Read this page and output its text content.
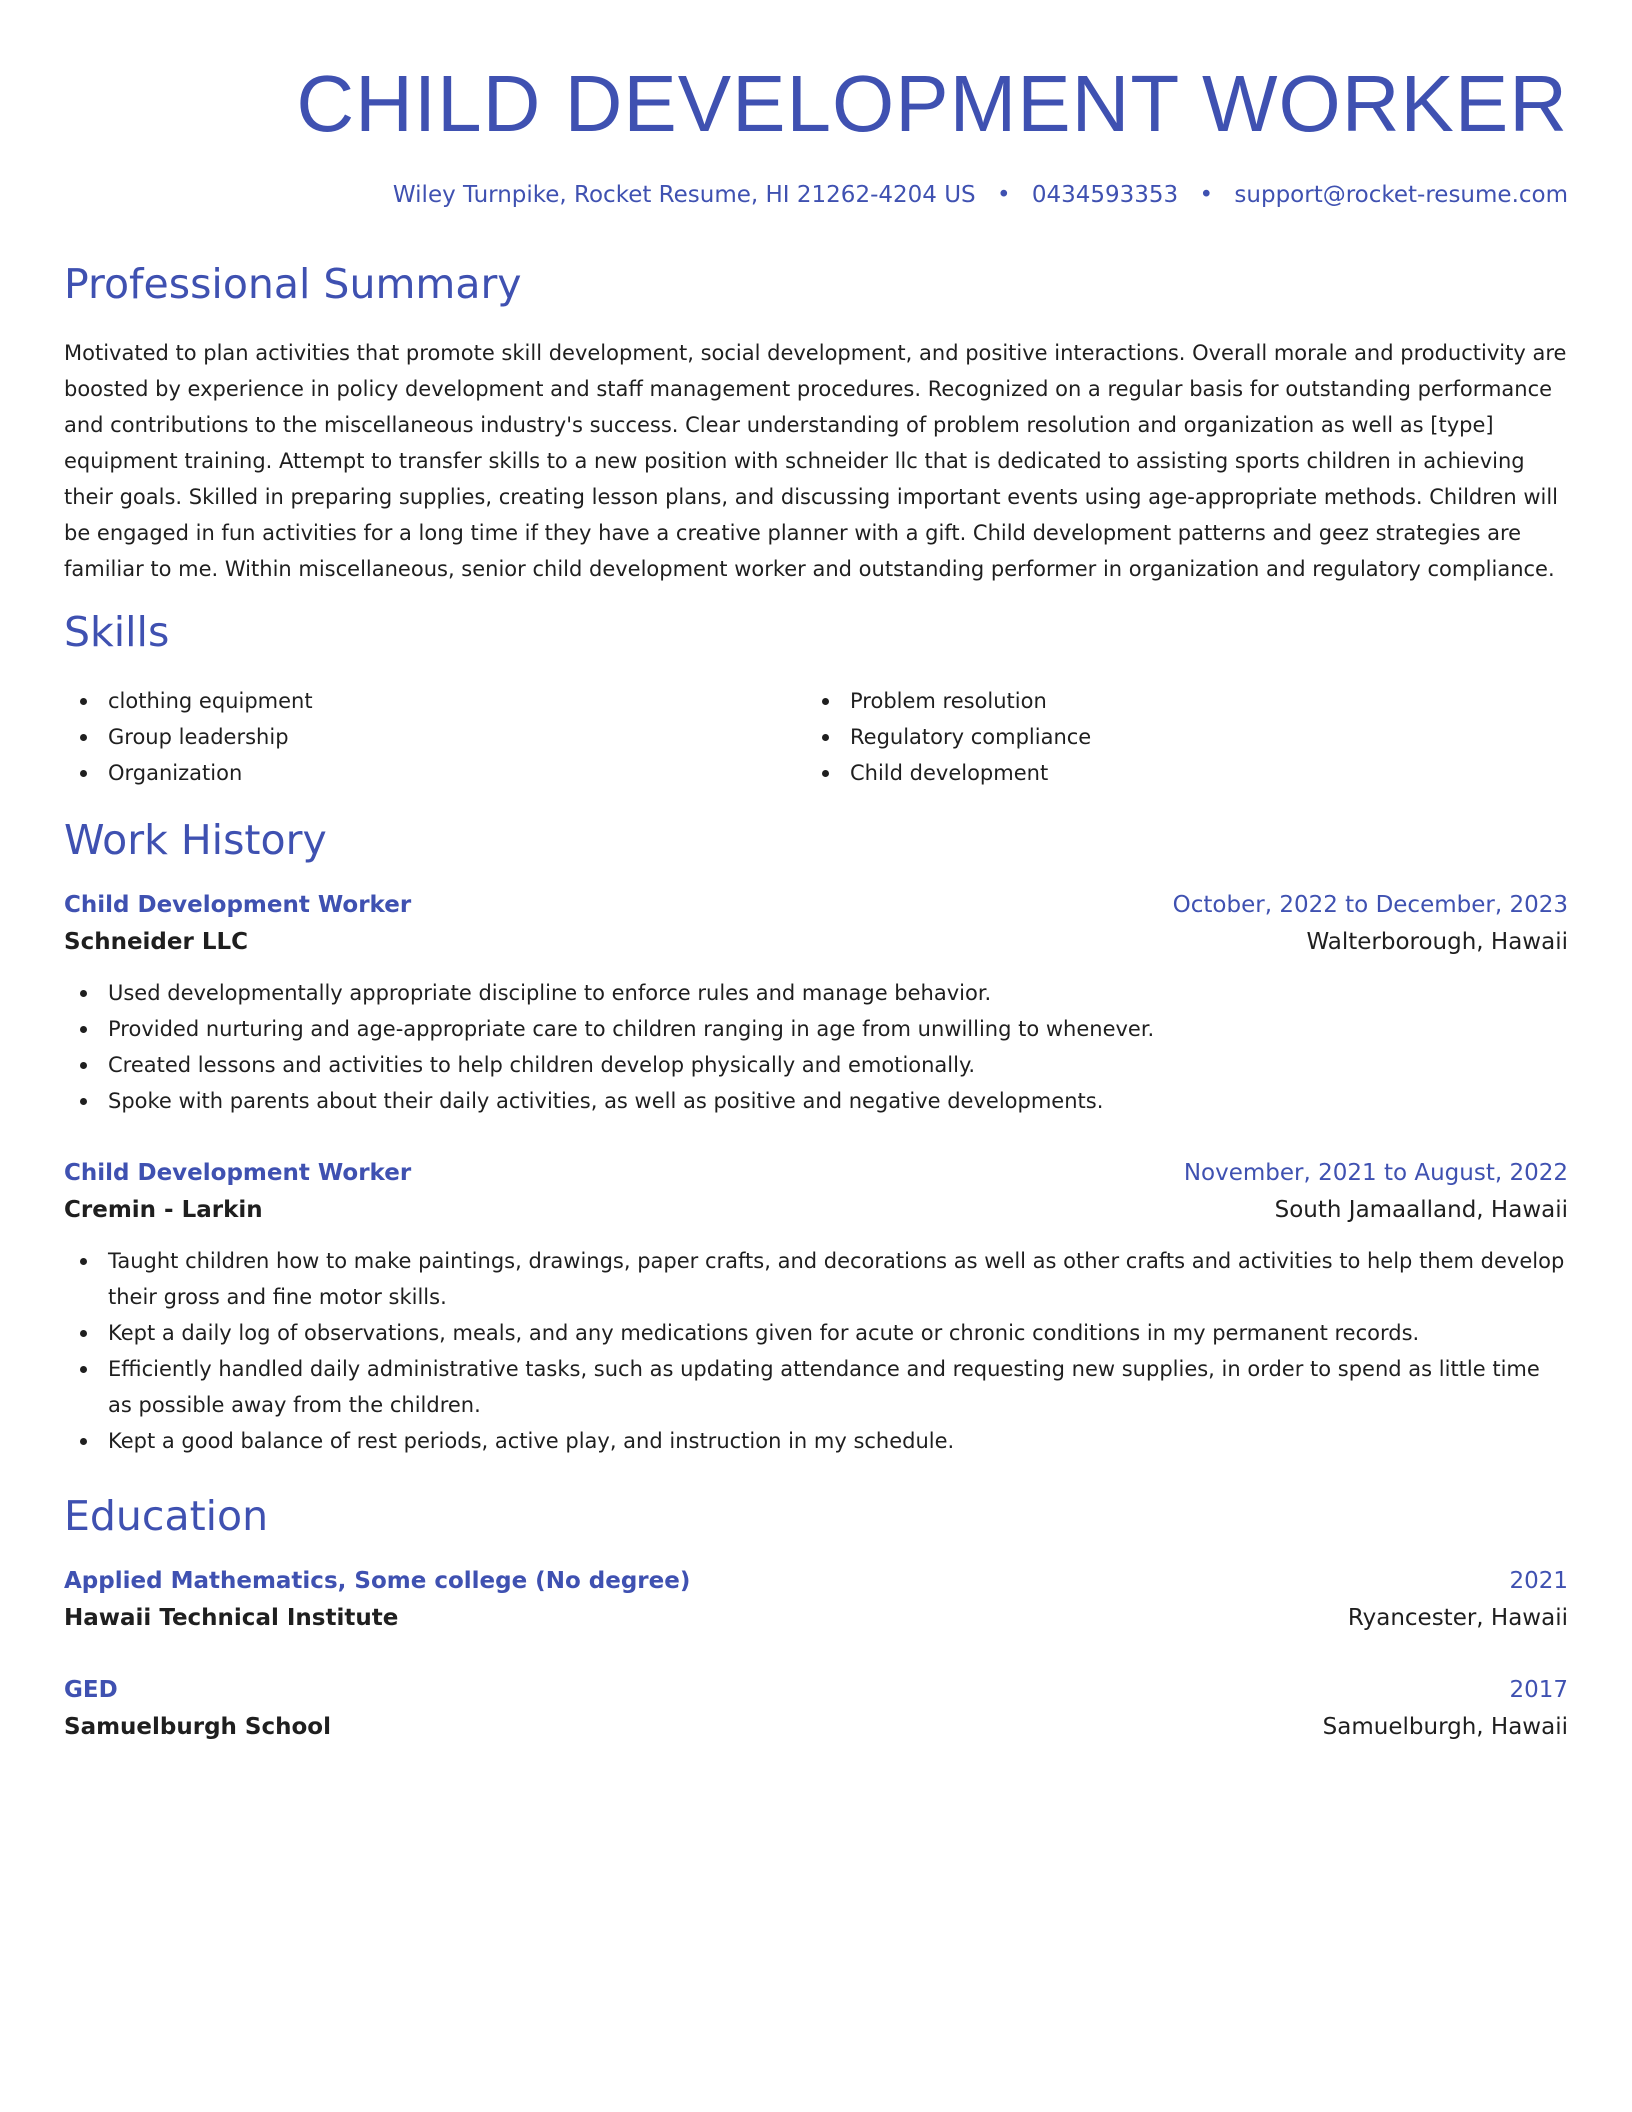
CHILD DEVELOPMENT WORKER
Wiley Turnpike, Rocket Resume, HI 21262-4204 US • 0434593353 • support@rocket-resume.com
Professional Summary
Motivated to plan activities that promote skill development, social development, and positive interactions. Overall morale and productivity are boosted by experience in policy development and staff management procedures. Recognized on a regular basis for outstanding performance and contributions to the miscellaneous industry's success. Clear understanding of problem resolution and organization as well as [type] equipment training. Attempt to transfer skills to a new position with schneider llc that is dedicated to assisting sports children in achieving their goals. Skilled in preparing supplies, creating lesson plans, and discussing important events using age-appropriate methods. Children will be engaged in fun activities for a long time if they have a creative planner with a gift. Child development patterns and geez strategies are familiar to me. Within miscellaneous, senior child development worker and outstanding performer in organization and regulatory compliance.
Skills
clothing equipment
Group leadership
Organization
Problem resolution
Regulatory compliance
Child development
Work History
Child Development Worker	October, 2022 to December, 2023
Schneider LLC	Walterborough, Hawaii
Used developmentally appropriate discipline to enforce rules and manage behavior.
Provided nurturing and age-appropriate care to children ranging in age from unwilling to whenever.
Created lessons and activities to help children develop physically and emotionally.
Spoke with parents about their daily activities, as well as positive and negative developments.
Child Development Worker	November, 2021 to August, 2022
Cremin - Larkin	South Jamaalland, Hawaii
Taught children how to make paintings, drawings, paper crafts, and decorations as well as other crafts and activities to help them develop their gross and fine motor skills.
Kept a daily log of observations, meals, and any medications given for acute or chronic conditions in my permanent records.
Efficiently handled daily administrative tasks, such as updating attendance and requesting new supplies, in order to spend as little time as possible away from the children.
Kept a good balance of rest periods, active play, and instruction in my schedule.
Education
Applied Mathematics, Some college (No degree)	2021
Hawaii Technical Institute	Ryancester, Hawaii
GED	2017
Samuelburgh School	Samuelburgh, Hawaii
